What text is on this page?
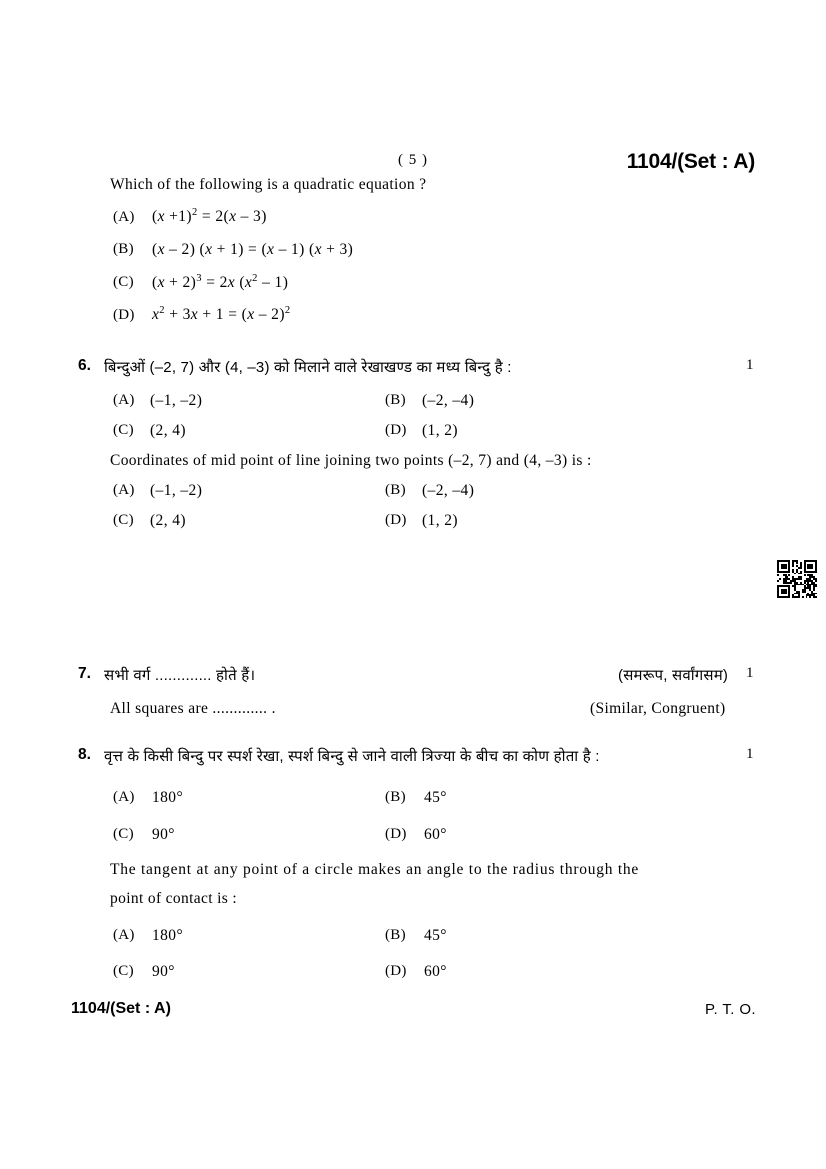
( 5 )	1104/(Set : A)
Which of the following is a quadratic equation ?
(A) $(x +1)^2 = 2(x - 3)$
(B) (x – 2) (x + 1) = (x – 1) (x + 3)
(C) $(x + 2)^3 = 2x$ $(x^2 - 1)$
(D) $x^2 + 3x + 1 = (x - 2)^2$
6. बिन्दुओं (–2, 7) और (4, –3) को मिलाने वाले रेखाखण्ड का मध्य बिन्दु है :	1
(A) (–1, –2)	(B) (–2, –4)
(C) (2, 4)	(D) (1, 2)
Coordinates of mid point of line joining two points (–2, 7) and (4, –3) is :
(A) (–1, –2)	(B) (–2, –4)
(C) (2, 4)	(D) (1, 2)
7. सभी वर्ग ............. होते हैं।	(समरूप, सर्वांगसम) 1
All squares are ............. .	(Similar, Congruent)
8. वृत्त के किसी बिन्दु पर स्पर्श रेखा, स्पर्श बिन्दु से जाने वाली त्रिज्या के बीच का कोण होता है :	1
(A) 180°	(B) 45°
(C) 90°	(D) 60°
The tangent at any point of a circle makes an angle to the radius through the
point of contact is :
(A) 180°	(B) 45°
(C) 90°	(D) 60°
1104/(Set : A)	P. T. O.
